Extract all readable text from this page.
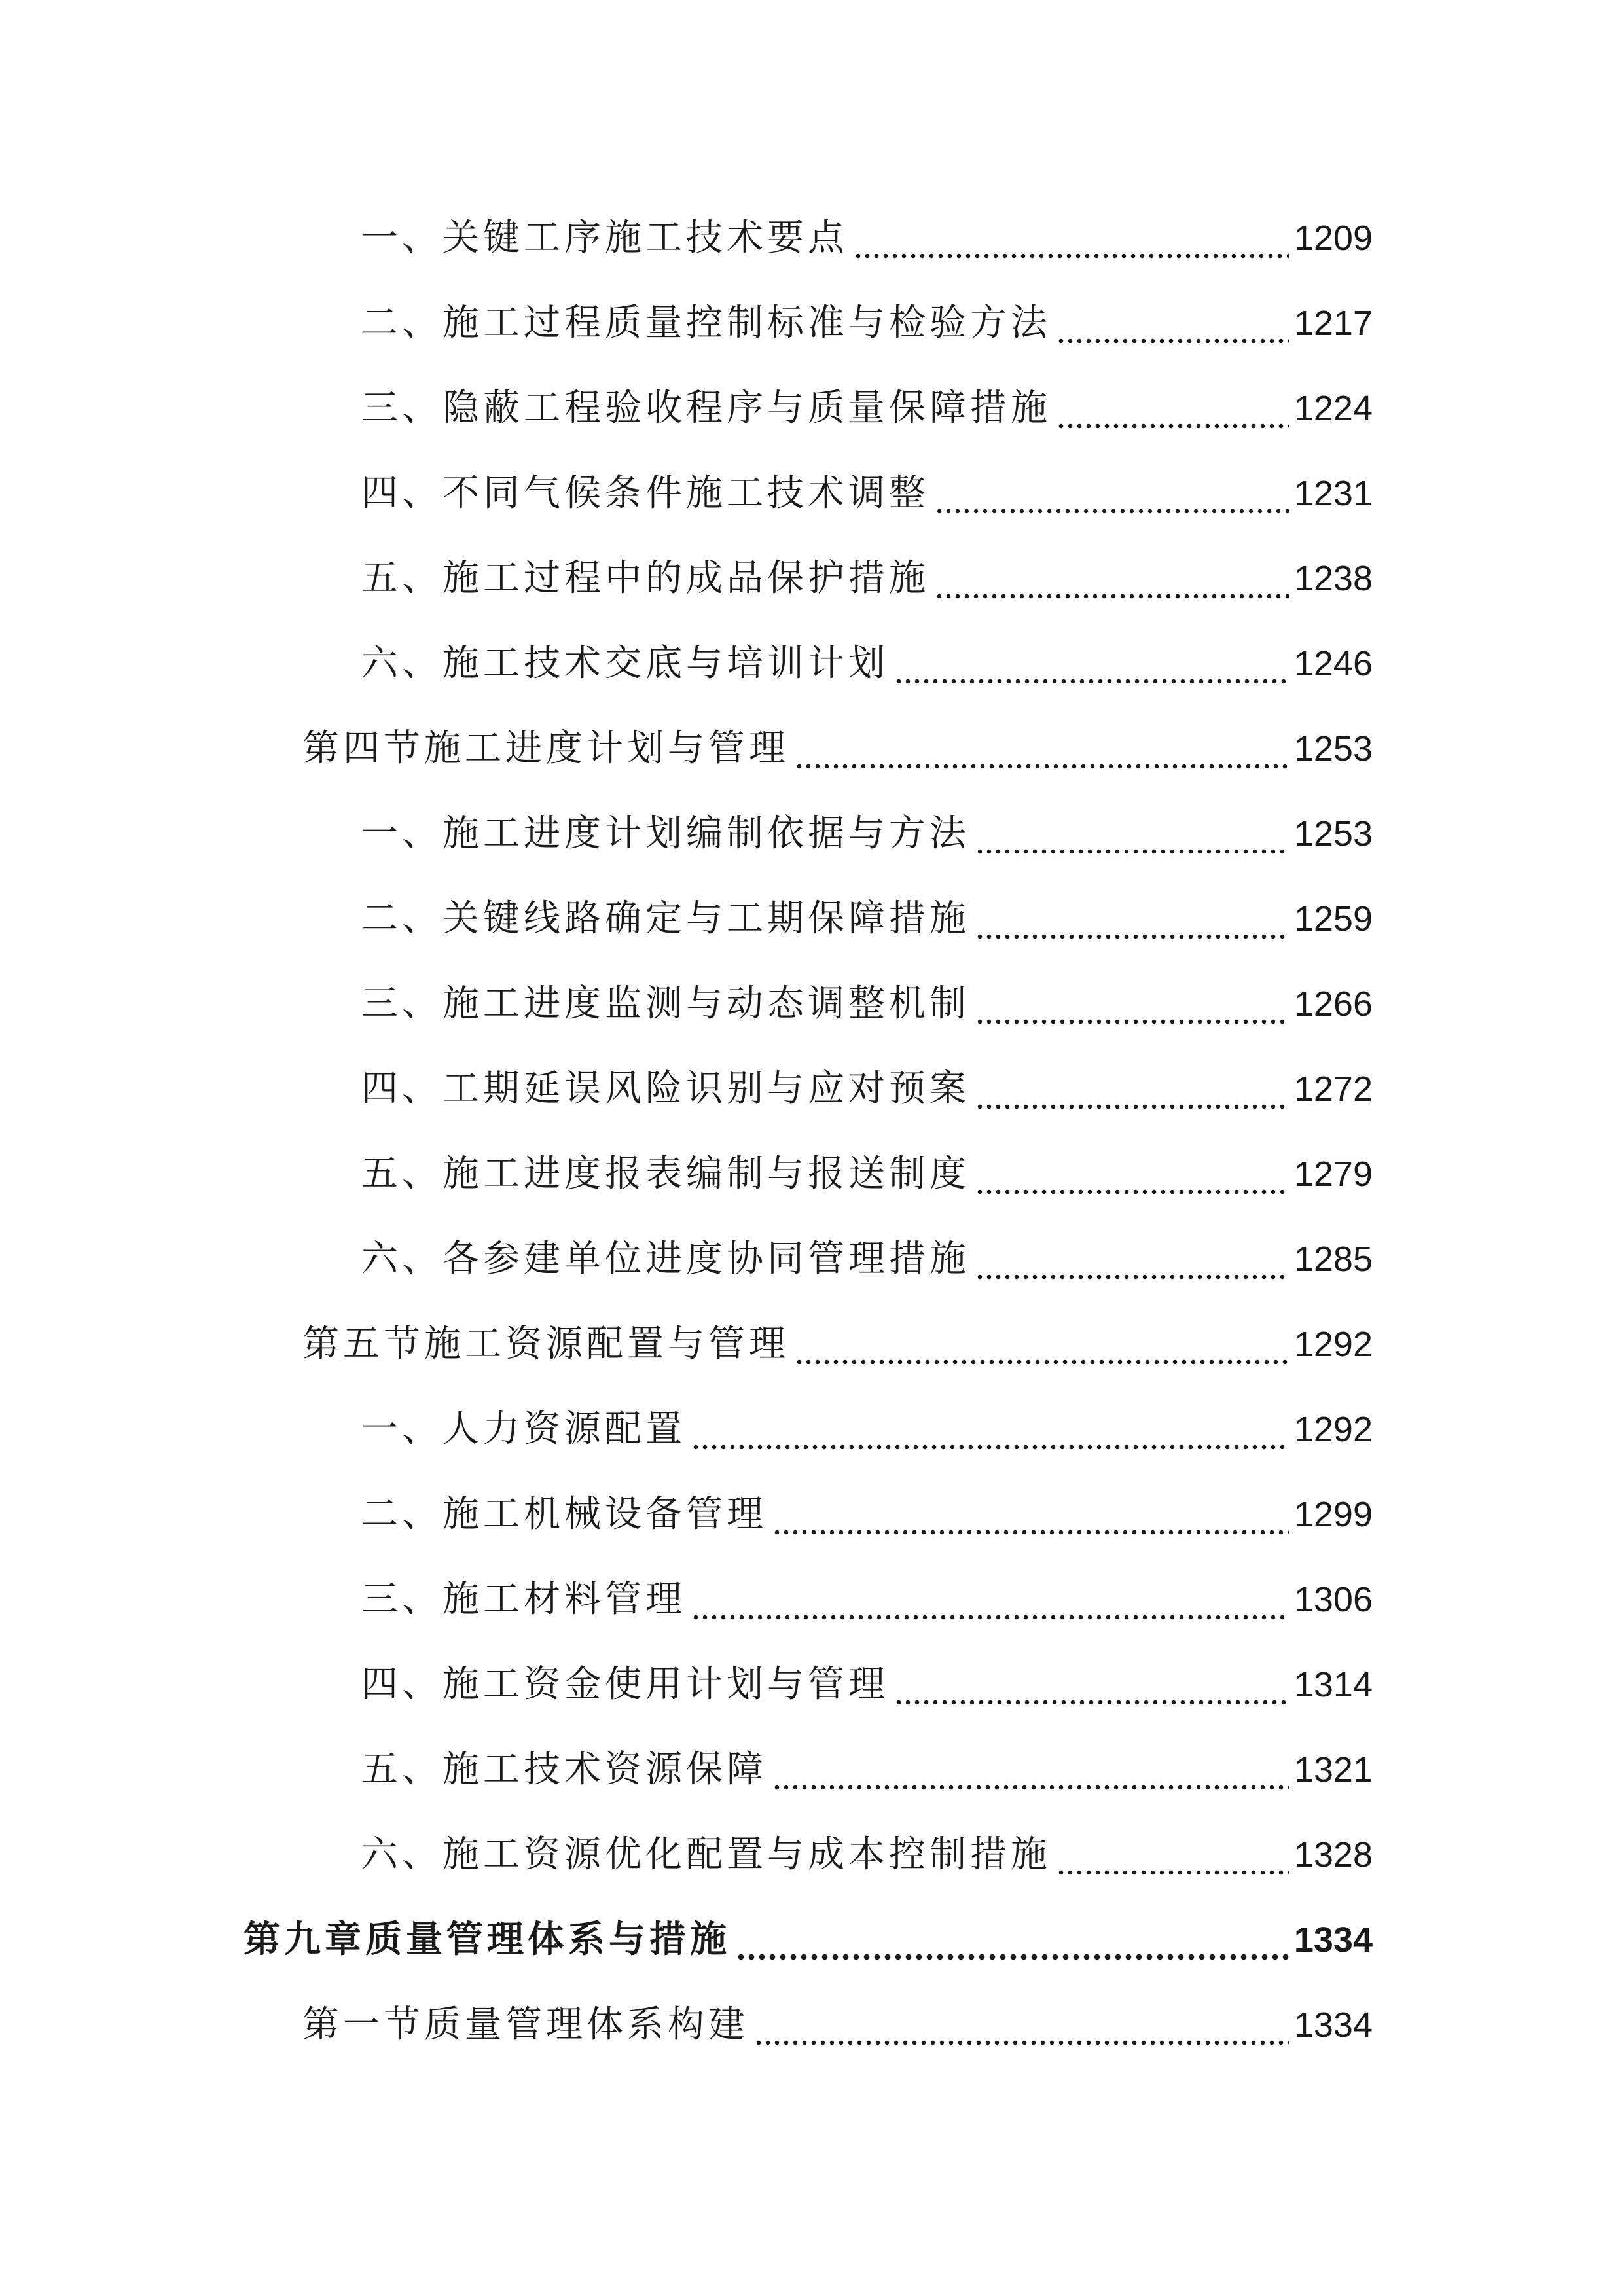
一、关键工序施工技术要点	1209
二、施工过程质量控制标准与检验方法	1217
三、隐蔽工程验收程序与质量保障措施	1224
四、不同气候条件施工技术调整	1231
五、施工过程中的成品保护措施	1238
六、施工技术交底与培训计划	1246
第四节施工进度计划与管理	1253
一、施工进度计划编制依据与方法	1253
二、关键线路确定与工期保障措施	1259
三、施工进度监测与动态调整机制	1266
四、工期延误风险识别与应对预案	1272
五、施工进度报表编制与报送制度	1279
六、各参建单位进度协同管理措施	1285
第五节施工资源配置与管理	1292
一、人力资源配置	1292
二、施工机械设备管理	1299
三、施工材料管理	1306
四、施工资金使用计划与管理	1314
五、施工技术资源保障	1321
六、施工资源优化配置与成本控制措施	1328
第九章质量管理体系与措施	1334
第一节质量管理体系构建	1334
